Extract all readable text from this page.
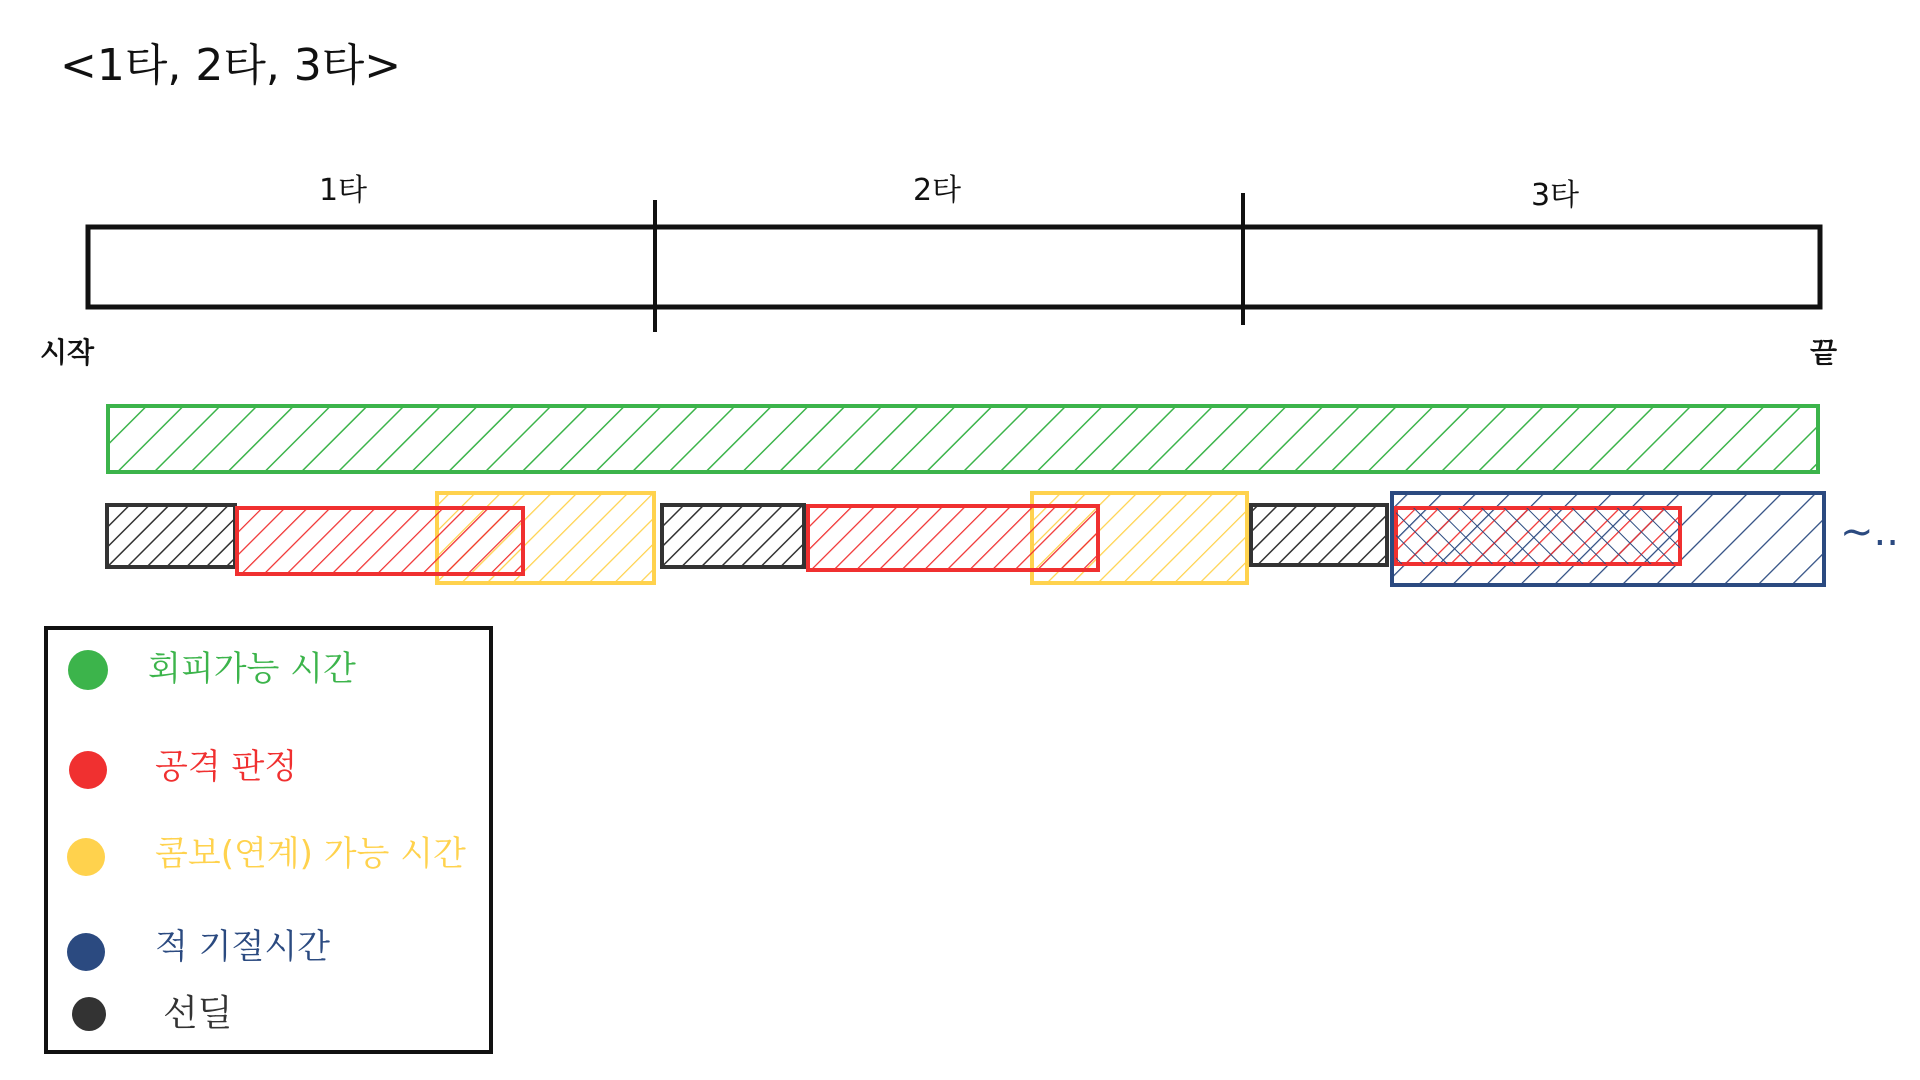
<1타, 2타, 3타>
1타	2타	3타
시작	끝
~..
회피가능 시간
공격 판정
콤보(연계) 가능 시간
적 기절시간
선딜
